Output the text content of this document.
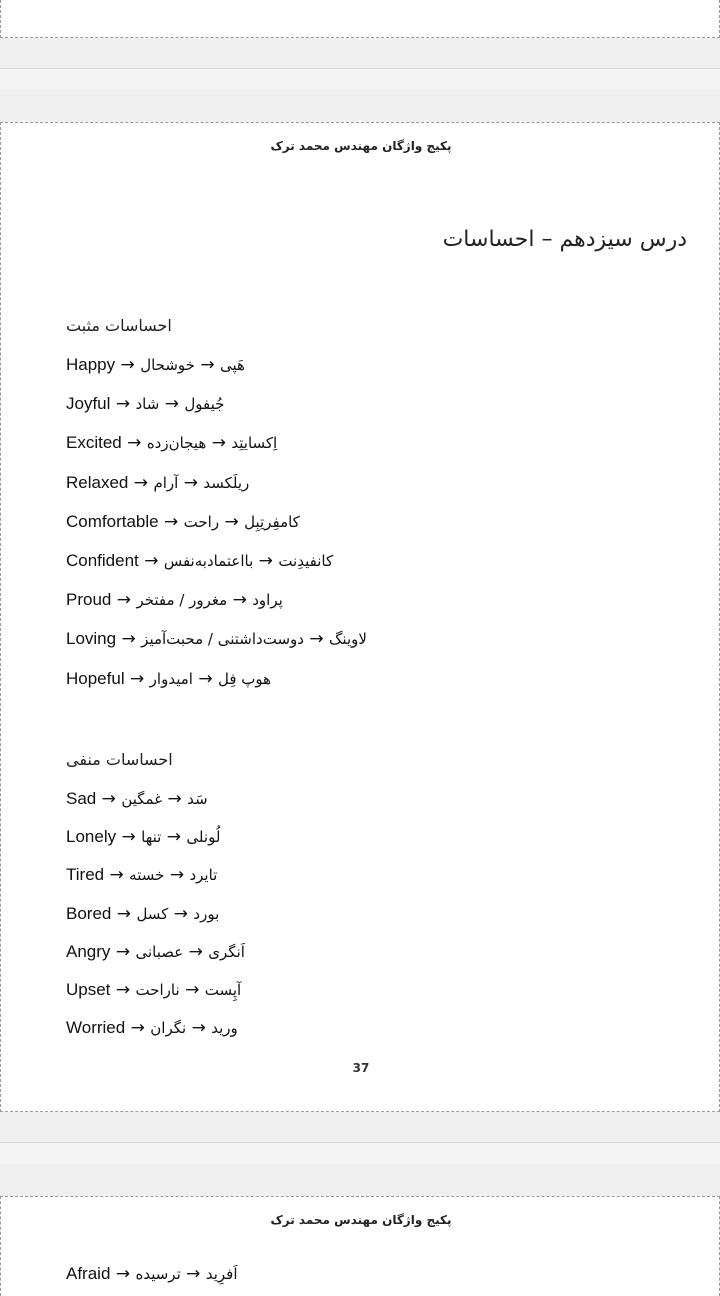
پکیج واژگان مهندس محمد ترک
درس سیزدهم – احساسات
احساسات مثبت
Happy →	هَپی → خوشحال
Joyful →	جُیفول → شاد
Excited →	اِکسایتِد → هیجان‌زده
Relaxed →	ریلَکسد → آرام
Comfortable →	کامفِرتِبِل → راحت
Confident →	کانفیدِنت → بااعتمادبه‌نفس
Proud →	پراود → مغرور / مفتخر
Loving →	لاوینگ → دوست‌داشتنی / محبت‌آمیز
Hopeful →	هوپ فِل → امیدوار
احساسات منفی
Sad →	سَد → غمگین
Lonely →	لُونلی → تنها
Tired →	تایرد → خسته
Bored →	بورد → کسل
Angry →	اَنگری → عصبانی
Upset →	آپِست → ناراحت
Worried →	ورید → نگران
37
پکیج واژگان مهندس محمد ترک
Afraid →	اَفرِید → ترسیده
